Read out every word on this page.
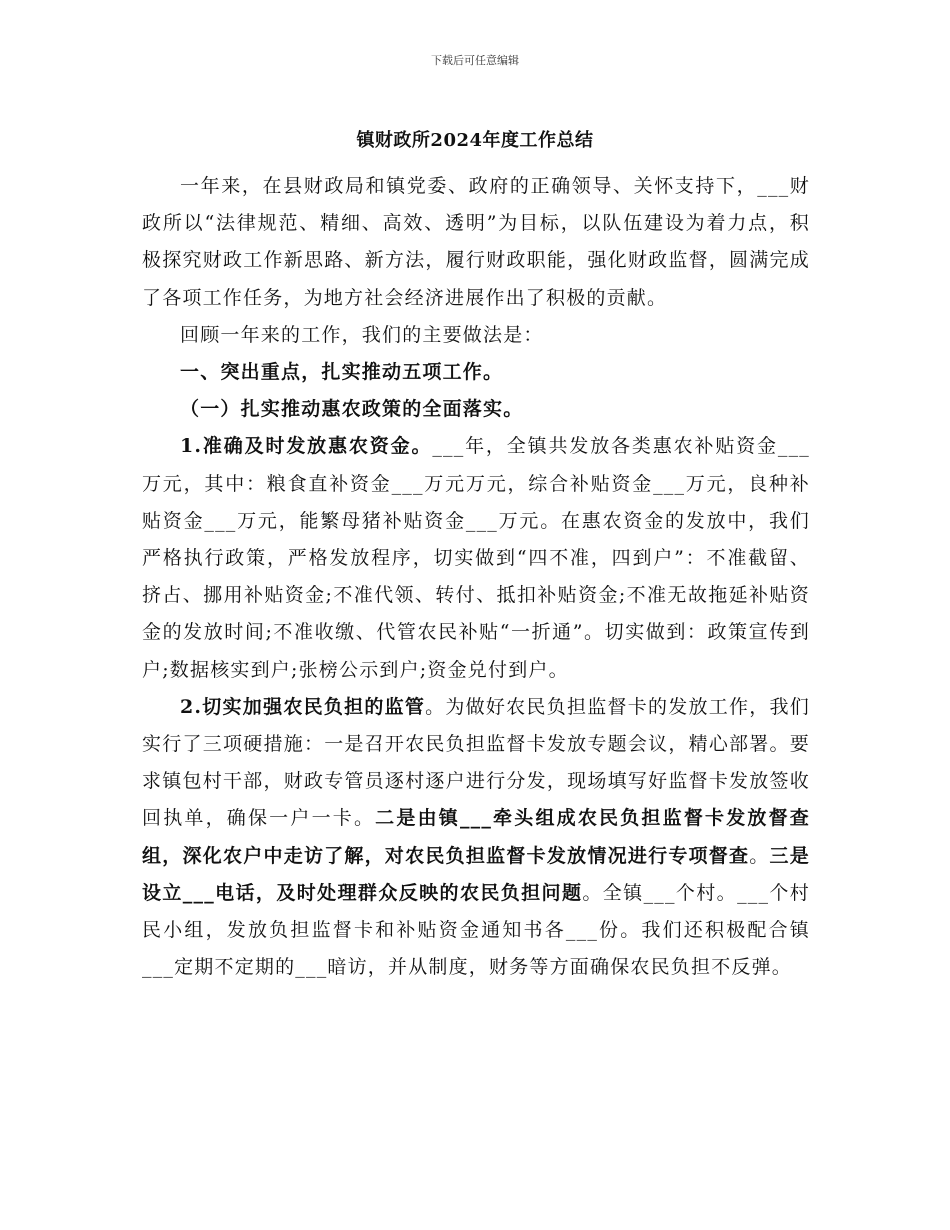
下载后可任意编辑
镇财政所2024年度工作总结

一年来，在县财政局和镇党委、政府的正确领导、关怀支持下，___财政所以“法律规范、精细、高效、透明”为目标，以队伍建设为着力点，积极探究财政工作新思路、新方法，履行财政职能，强化财政监督，圆满完成了各项工作任务，为地方社会经济进展作出了积极的贡献。

回顾一年来的工作，我们的主要做法是：

一、突出重点，扎实推动五项工作。

（一）扎实推动惠农政策的全面落实。

1.准确及时发放惠农资金。___年，全镇共发放各类惠农补贴资金___万元，其中：粮食直补资金___万元万元，综合补贴资金___万元，良种补贴资金___万元，能繁母猪补贴资金___万元。在惠农资金的发放中，我们严格执行政策，严格发放程序，切实做到“四不准，四到户”：不准截留、挤占、挪用补贴资金;不准代领、转付、抵扣补贴资金;不准无故拖延补贴资金的发放时间;不准收缴、代管农民补贴“一折通”。切实做到：政策宣传到户;数据核实到户;张榜公示到户;资金兑付到户。

2.切实加强农民负担的监管。为做好农民负担监督卡的发放工作，我们实行了三项硬措施：一是召开农民负担监督卡发放专题会议，精心部署。要求镇包村干部，财政专管员逐村逐户进行分发，现场填写好监督卡发放签收回执单，确保一户一卡。二是由镇___牵头组成农民负担监督卡发放督查组，深化农户中走访了解，对农民负担监督卡发放情况进行专项督查。三是设立___电话，及时处理群众反映的农民负担问题。全镇___个村。___个村民小组，发放负担监督卡和补贴资金通知书各___份。我们还积极配合镇___定期不定期的___暗访，并从制度，财务等方面确保农民负担不反弹。
